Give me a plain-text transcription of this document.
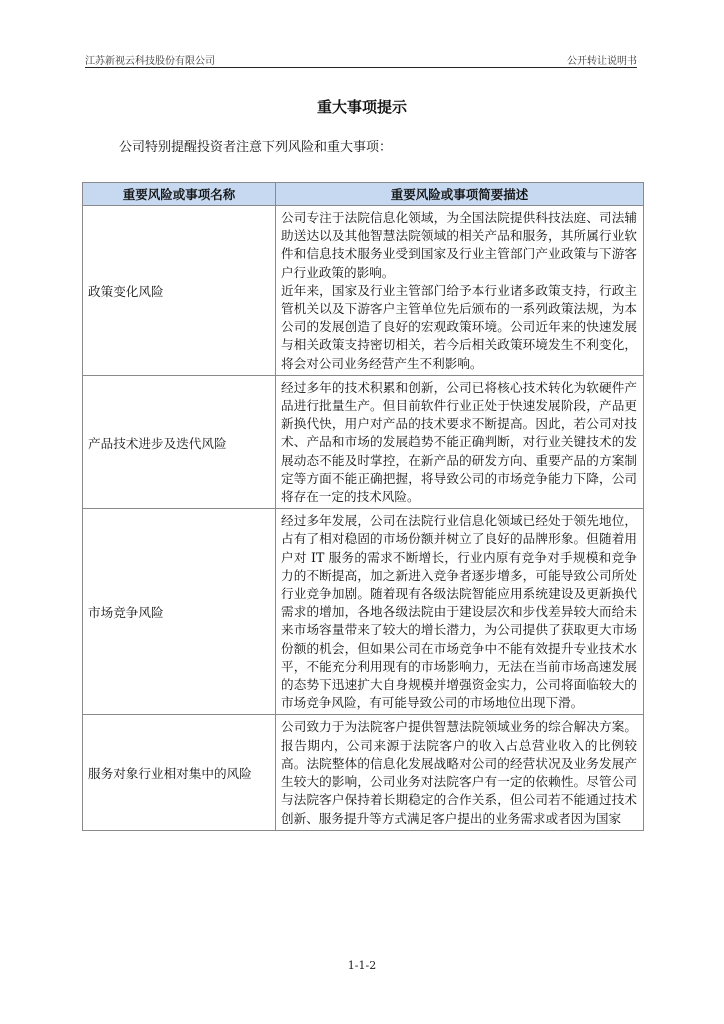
江苏新视云科技股份有限公司	公开转让说明书
重大事项提示
公司特别提醒投资者注意下列风险和重大事项：
重要风险或事项名称	重要风险或事项简要描述
政策变化风险	公司专注于法院信息化领域，为全国法院提供科技法庭、司法辅助送达以及其他智慧法院领域的相关产品和服务，其所属行业软件和信息技术服务业受到国家及行业主管部门产业政策与下游客户行业政策的影响。

近年来，国家及行业主管部门给予本行业诸多政策支持，行政主管机关以及下游客户主管单位先后颁布的一系列政策法规，为本公司的发展创造了良好的宏观政策环境。公司近年来的快速发展与相关政策支持密切相关，若今后相关政策环境发生不利变化，将会对公司业务经营产生不利影响。

产品技术进步及迭代风险	经过多年的技术积累和创新，公司已将核心技术转化为软硬件产品进行批量生产。但目前软件行业正处于快速发展阶段，产品更新换代快，用户对产品的技术要求不断提高。因此，若公司对技术、产品和市场的发展趋势不能正确判断，对行业关键技术的发展动态不能及时掌控，在新产品的研发方向、重要产品的方案制定等方面不能正确把握，将导致公司的市场竞争能力下降，公司将存在一定的技术风险。

市场竞争风险	经过多年发展，公司在法院行业信息化领域已经处于领先地位，占有了相对稳固的市场份额并树立了良好的品牌形象。但随着用户对 IT 服务的需求不断增长，行业内原有竞争对手规模和竞争力的不断提高，加之新进入竞争者逐步增多，可能导致公司所处行业竞争加剧。随着现有各级法院智能应用系统建设及更新换代需求的增加，各地各级法院由于建设层次和步伐差异较大而给未来市场容量带来了较大的增长潜力，为公司提供了获取更大市场份额的机会，但如果公司在市场竞争中不能有效提升专业技术水平，不能充分利用现有的市场影响力，无法在当前市场高速发展的态势下迅速扩大自身规模并增强资金实力，公司将面临较大的市场竞争风险，有可能导致公司的市场地位出现下滑。

服务对象行业相对集中的风险	公司致力于为法院客户提供智慧法院领域业务的综合解决方案。报告期内，公司来源于法院客户的收入占总营业收入的比例较高。法院整体的信息化发展战略对公司的经营状况及业务发展产生较大的影响，公司业务对法院客户有一定的依赖性。尽管公司与法院客户保持着长期稳定的合作关系，但公司若不能通过技术创新、服务提升等方式满足客户提出的业务需求或者因为国家

1-1-2
